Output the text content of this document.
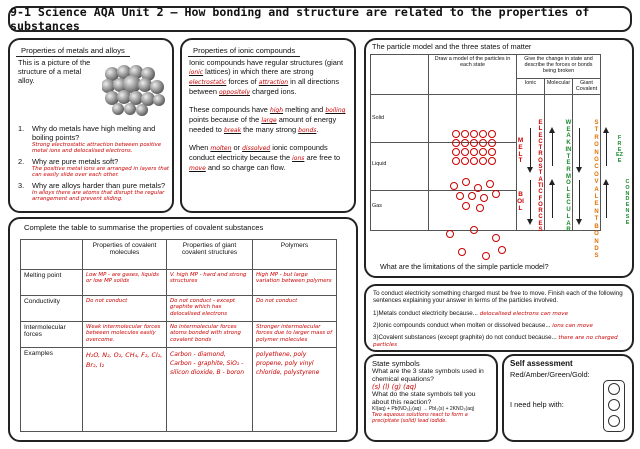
9-1 Science AQA Unit 2 – How bonding and structure are related to the properties of substances
Properties of metals and alloys
This is a picture of the structure of a metal alloy.
1.	Why do metals have high melting and boiling points?
Strong electrostatic attraction between positive metal ions and delocalised electrons.
2.	Why are pure metals soft?
The positive metal ions are arranged in layers that can easily slide over each other.
3.	Why are alloys harder than pure metals?
In alloys there are atoms that disrupt the regular arrangement and prevent sliding.
Properties of ionic compounds

Ionic compounds have regular structures (giant ionic lattices) in which there are strong electrostatic forces of attraction in all directions between oppositely charged ions.

These compounds have high melting and boiling points because of the large amount of energy needed to break the many strong bonds.

When molten or dissolved ionic compounds conduct electricity because the ions are free to move and so charge can flow.

The particle model and the three states of matter
	Draw a model of the particles in each state	Give the change in state and describe the forces or bonds being broken		
		Ionic	Molecular	Giant Covalent
Solid				
Liquid				
Gas				
MELT
BOIL
ELECTROSTATIC FORCES
WEAK INTERMOLECULAR
STRONG COVALENT BONDS
FREEZE
CONDENSE
What are the limitations of the simple particle model?
Complete the table to summarise the properties of covalent substances
	Properties of covalent molecules	Properties of giant covalent structures	Polymers
Melting point	Low MP - are gases, liquids or low MP solids	V. high MP - hard and strong structures	High MP - but large variation between polymers
Conductivity	Do not conduct	Do not conduct - except graphite which has delocalised electrons	Do not conduct
Intermolecular forces	Weak intermolecular forces between molecules easily overcome.	No intermolecular forces atoms bonded with strong covalent bonds	Stronger intermolecular forces due to larger mass of polymer molecules
Examples	H₂O, N₂, O₂, CH₄, F₂, Cl₂, Br₂, I₂	Carbon - diamond, Carbon - graphite, SiO₂ - silicon dioxide, B - boron	polyethene, poly propene, poly vinyl chloride, polystyrene
To conduct electricity something charged must be free to move. Finish each of the following sentences explaining your answer in terms of the particles involved.
1)Metals conduct electricity because... delocalised electrons can move
2)Ionic compounds conduct when molten or dissolved because... ions can move
3)Covalent substances (except graphite) do not conduct because... there are no charged particles
State symbols
What are the 3 state symbols used in chemical equations?
(s) (l) (g) (aq)
What do the state symbols tell you about this reaction?
KI(aq) + Pb(NO₃)₂(aq) → PbI₂(s) + 2KNO₃(aq)
Two aqueous solutions react to form a precipitate (solid) lead iodide.
Self assessment
Red/Amber/Green/Gold:
I need help with:
